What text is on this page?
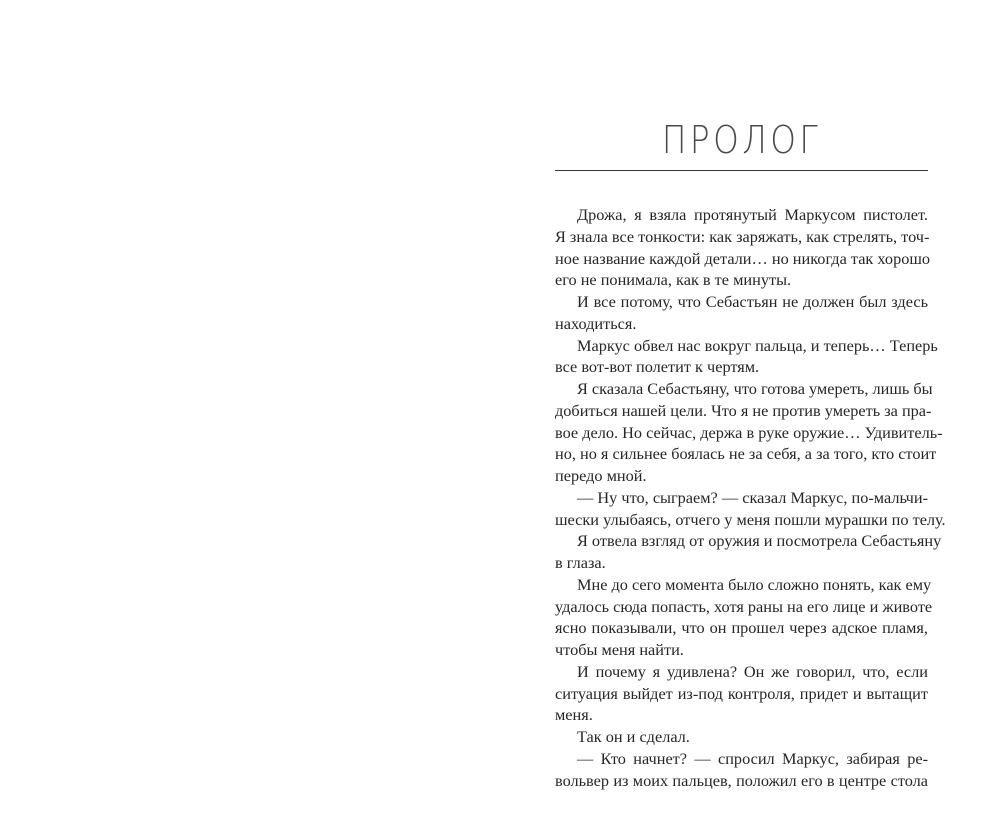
ПРОЛОГ
Дрожа, я взяла протянутый Маркусом пистолет.
Я знала все тонкости: как заряжать, как стрелять, точ-
ное название каждой детали… но никогда так хорошо
его не понимала, как в те минуты.
И все потому, что Себастьян не должен был здесь
находиться.
Маркус обвел нас вокруг пальца, и теперь… Теперь
все вот-вот полетит к чертям.
Я сказала Себастьяну, что готова умереть, лишь бы
добиться нашей цели. Что я не против умереть за пра-
вое дело. Но сейчас, держа в руке оружие… Удивитель-
но, но я сильнее боялась не за себя, а за того, кто стоит
передо мной.
— Ну что, сыграем? — сказал Маркус, по-мальчи-
шески улыбаясь, отчего у меня пошли мурашки по телу.
Я отвела взгляд от оружия и посмотрела Себастьяну
в глаза.
Мне до сего момента было сложно понять, как ему
удалось сюда попасть, хотя раны на его лице и животе
ясно показывали, что он прошел через адское пламя,
чтобы меня найти.
И почему я удивлена? Он же говорил, что, если
ситуация выйдет из-под контроля, придет и вытащит
меня.
Так он и сделал.
— Кто начнет? — спросил Маркус, забирая ре-
вольвер из моих пальцев, положил его в центре стола
